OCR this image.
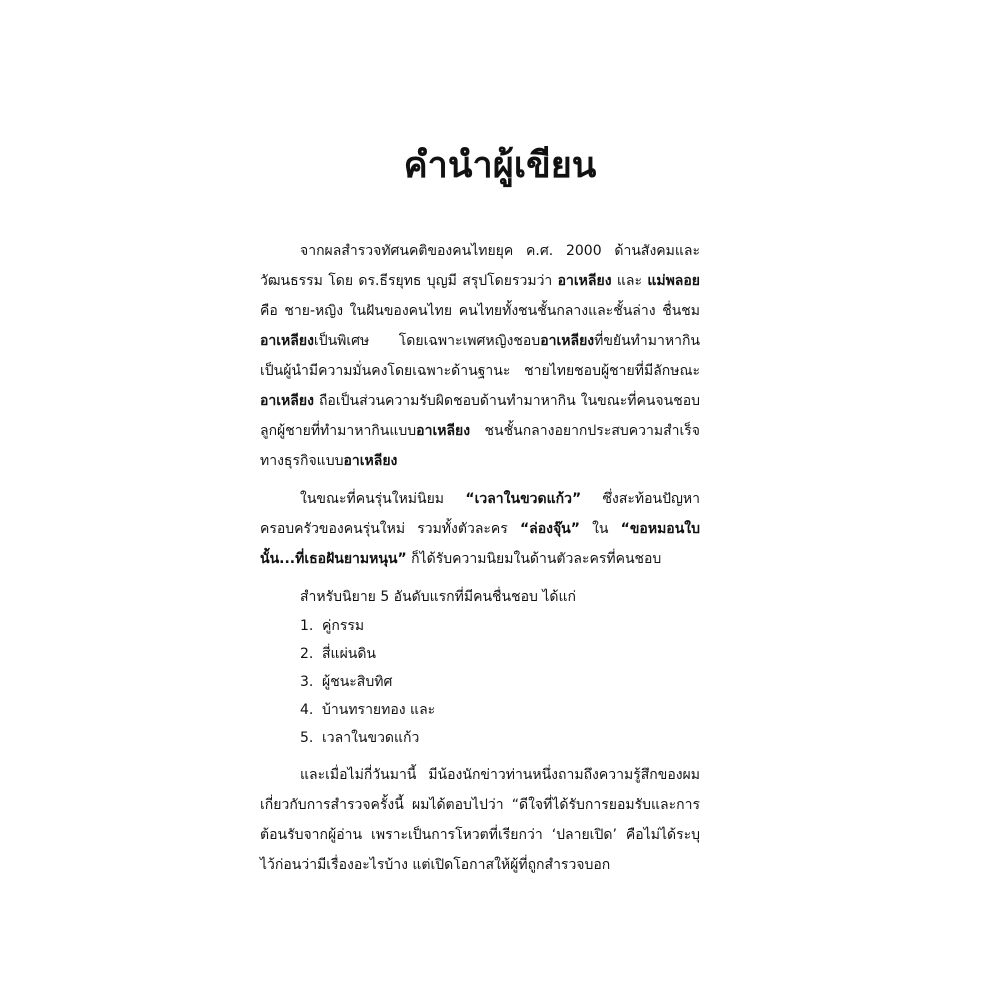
คำนำผู้เขียน

จากผลสำรวจทัศนคติของคนไทยยุค ค.ศ. 2000 ด้านสังคมและวัฒนธรรม โดย ดร.ธีรยุทธ บุญมี สรุปโดยรวมว่า อาเหลียง และ แม่พลอย คือ ชาย-หญิง ในฝันของคนไทย คนไทยทั้งชนชั้นกลางและชั้นล่าง ชื่นชมอาเหลียงเป็นพิเศษ โดยเฉพาะเพศหญิงชอบอาเหลียงที่ขยันทำมาหากิน เป็นผู้นำมีความมั่นคงโดยเฉพาะด้านฐานะ ชายไทยชอบผู้ชายที่มีลักษณะอาเหลียง ถือเป็นส่วนความรับผิดชอบด้านทำมาหากิน ในขณะที่คนจนชอบลูกผู้ชายที่ทำมาหากินแบบอาเหลียง ชนชั้นกลางอยากประสบความสำเร็จทางธุรกิจแบบอาเหลียง

ในขณะที่คนรุ่นใหม่นิยม “เวลาในขวดแก้ว” ซึ่งสะท้อนปัญหาครอบครัวของคนรุ่นใหม่ รวมทั้งตัวละคร “ล่องจุ๊น” ใน “ขอหมอนใบนั้น...ที่เธอฝันยามหนุน” ก็ได้รับความนิยมในด้านตัวละครที่คนชอบ

สำหรับนิยาย 5 อันดับแรกที่มีคนชื่นชอบ ได้แก่

1. คู่กรรม
2. สี่แผ่นดิน
3. ผู้ชนะสิบทิศ
4. บ้านทรายทอง และ
5. เวลาในขวดแก้ว

และเมื่อไม่กี่วันมานี้ มีน้องนักข่าวท่านหนึ่งถามถึงความรู้สึกของผมเกี่ยวกับการสำรวจครั้งนี้ ผมได้ตอบไปว่า “ดีใจที่ได้รับการยอมรับและการต้อนรับจากผู้อ่าน เพราะเป็นการโหวตที่เรียกว่า ‘ปลายเปิด’ คือไม่ได้ระบุไว้ก่อนว่ามีเรื่องอะไรบ้าง แต่เปิดโอกาสให้ผู้ที่ถูกสำรวจบอก
